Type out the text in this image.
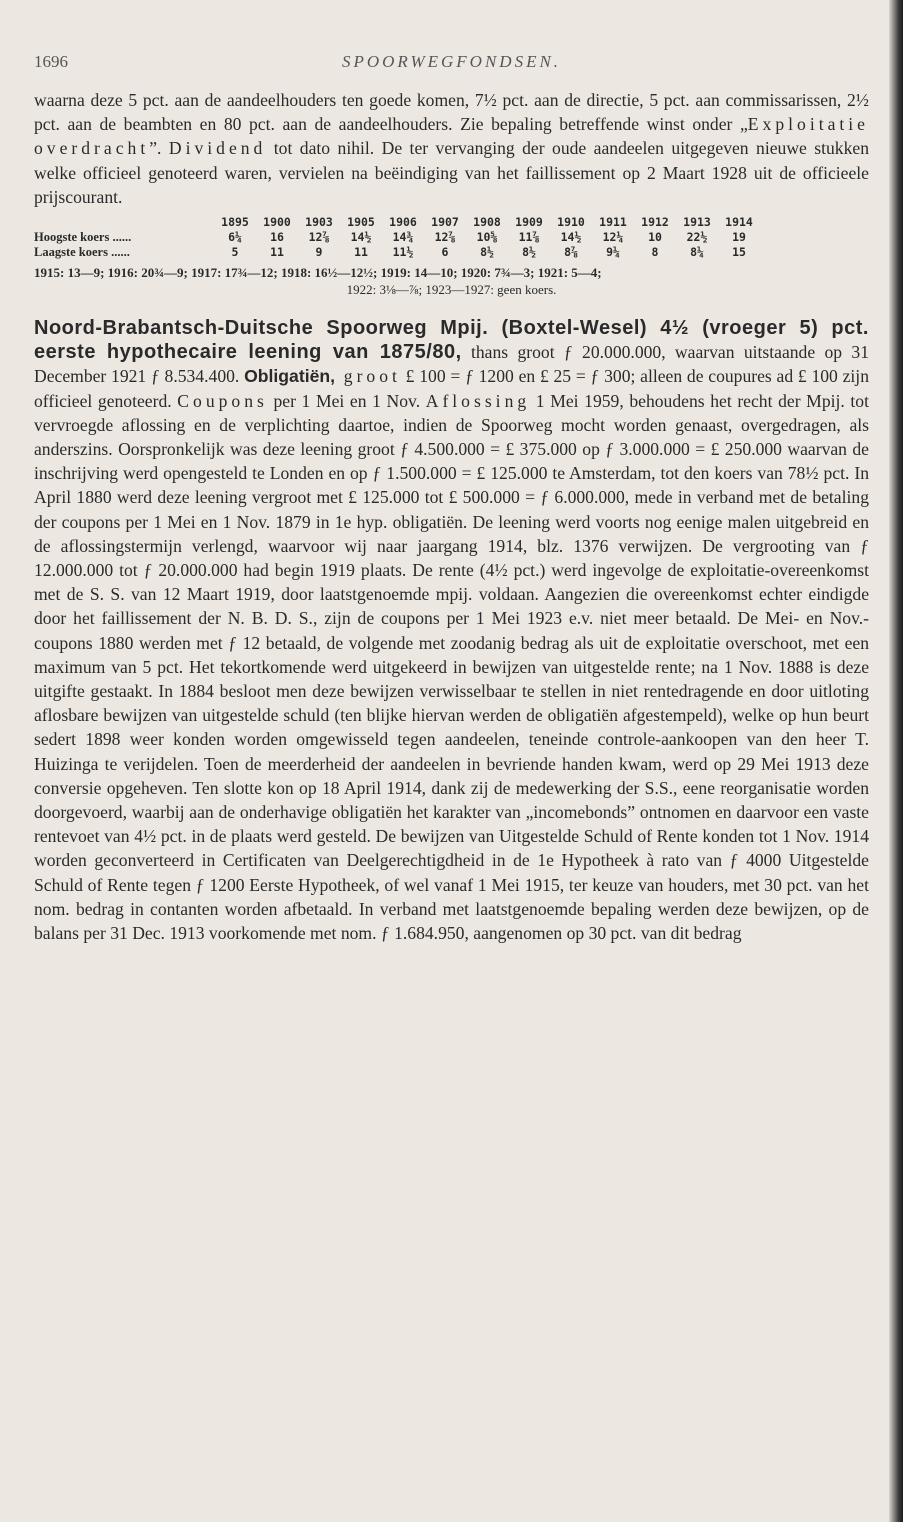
1696	SPOORWEGFONDSEN.

waarna deze 5 pct. aan de aandeelhouders ten goede komen, 7½ pct. aan de directie, 5 pct. aan commissarissen, 2½ pct. aan de beambten en 80 pct. aan de aandeelhouders. Zie bepaling betreffende winst onder „Exploitatie overdracht”. Dividend tot dato nihil. De ter vervanging der oude aandeelen uitgegeven nieuwe stukken welke officieel genoteerd waren, vervielen na beëindiging van het faillissement op 2 Maart 1928 uit de officieele prijscourant.

1895	1900	1903	1905	1906	1907	1908	1909	1910	1911	1912	1913	1914
Hoogste koers ......	6¼	16	12⅞	14½	14¾	12⅞	10⅝	11⅞	14½	12¼	10	22½	19
Laagste koers ......	5	11	9	11	11½	6	8½	8½	8⅞	9¼	8	8¼	15
1915: 13—9; 1916: 20¾—9; 1917: 17¾—12; 1918: 16½—12½; 1919: 14—10; 1920: 7¾—3; 1921: 5—4;
1922: 3⅛—⅞; 1923—1927: geen koers.

Noord-Brabantsch-Duitsche Spoorweg Mpij. (Boxtel-Wesel) 4½ (vroeger 5) pct. eerste hypothecaire leening van 1875/80, thans groot ƒ 20.000.000, waarvan uitstaande op 31 December 1921 ƒ 8.534.400. Obligatiën, groot £ 100 = ƒ 1200 en £ 25 = ƒ 300; alleen de coupures ad £ 100 zijn officieel genoteerd. Coupons per 1 Mei en 1 Nov. Aflossing 1 Mei 1959, behoudens het recht der Mpij. tot vervroegde aflossing en de verplichting daartoe, indien de Spoorweg mocht worden genaast, overgedragen, als anderszins. Oorspronkelijk was deze leening groot ƒ 4.500.000 = £ 375.000 op ƒ 3.000.000 = £ 250.000 waarvan de inschrijving werd opengesteld te Londen en op ƒ 1.500.000 = £ 125.000 te Amsterdam, tot den koers van 78½ pct. In April 1880 werd deze leening vergroot met £ 125.000 tot £ 500.000 = ƒ 6.000.000, mede in verband met de betaling der coupons per 1 Mei en 1 Nov. 1879 in 1e hyp. obligatiën. De leening werd voorts nog eenige malen uitgebreid en de aflossingstermijn verlengd, waarvoor wij naar jaargang 1914, blz. 1376 verwijzen. De vergrooting van ƒ 12.000.000 tot ƒ 20.000.000 had begin 1919 plaats. De rente (4½ pct.) werd ingevolge de exploitatie-overeenkomst met de S. S. van 12 Maart 1919, door laatstgenoemde mpij. voldaan. Aangezien die overeenkomst echter eindigde door het faillissement der N. B. D. S., zijn de coupons per 1 Mei 1923 e.v. niet meer betaald. De Mei- en Nov.-coupons 1880 werden met ƒ 12 betaald, de volgende met zoodanig bedrag als uit de exploitatie overschoot, met een maximum van 5 pct. Het tekortkomende werd uitgekeerd in bewijzen van uitgestelde rente; na 1 Nov. 1888 is deze uitgifte gestaakt. In 1884 besloot men deze bewijzen verwisselbaar te stellen in niet rentedragende en door uitloting aflosbare bewijzen van uitgestelde schuld (ten blijke hiervan werden de obligatiën afgestempeld), welke op hun beurt sedert 1898 weer konden worden omgewisseld tegen aandeelen, teneinde controle-aankoopen van den heer T. Huizinga te verijdelen. Toen de meerderheid der aandeelen in bevriende handen kwam, werd op 29 Mei 1913 deze conversie opgeheven. Ten slotte kon op 18 April 1914, dank zij de medewerking der S.S., eene reorganisatie worden doorgevoerd, waarbij aan de onderhavige obligatiën het karakter van „incomebonds” ontnomen en daarvoor een vaste rentevoet van 4½ pct. in de plaats werd gesteld. De bewijzen van Uitgestelde Schuld of Rente konden tot 1 Nov. 1914 worden geconverteerd in Certificaten van Deelgerechtigdheid in de 1e Hypotheek à rato van ƒ 4000 Uitgestelde Schuld of Rente tegen ƒ 1200 Eerste Hypotheek, of wel vanaf 1 Mei 1915, ter keuze van houders, met 30 pct. van het nom. bedrag in contanten worden afbetaald. In verband met laatstgenoemde bepaling werden deze bewijzen, op de balans per 31 Dec. 1913 voorkomende met nom. ƒ 1.684.950, aangenomen op 30 pct. van dit bedrag
